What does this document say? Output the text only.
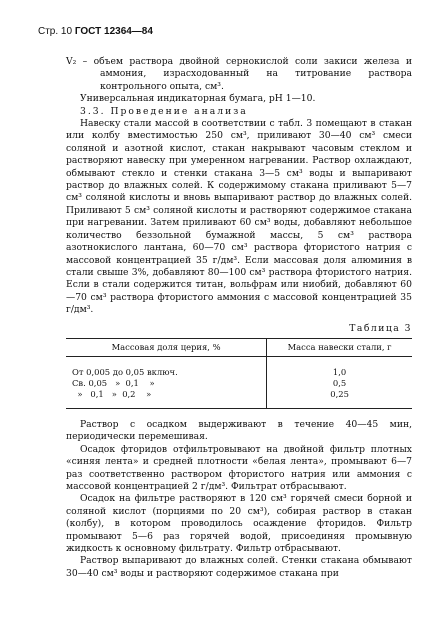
Стр. 10 ГОСТ 12364—84

V₂ – объем раствора двойной сернокислой соли закиси железа и аммония, израсходованный на титрование раствора контрольного опыта, см³.

Универсальная индикаторная бумага, pH 1—10.

3.3. Проведение анализа

Навеску стали массой в соответствии с табл. 3 помещают в стакан или колбу вместимостью 250 см³, приливают 30—40 см³ смеси соляной и азотной кислот, стакан накрывают часовым стеклом и растворяют навеску при умеренном нагревании. Раствор охлаждают, обмывают стекло и стенки стакана 3—5 см³ воды и выпаривают раствор до влажных солей. К содержимому стакана приливают 5—7 см³ соляной кислоты и вновь выпаривают раствор до влажных солей. Приливают 5 см³ соляной кислоты и растворяют содержимое стакана при нагревании. Затем приливают 60 см³ воды, добавляют небольшое количество беззольной бумажной массы, 5 см³ раствора азотнокислого лантана, 60—70 см³ раствора фтористого натрия с массовой концентрацией 35 г/дм³. Если массовая доля алюминия в стали свыше 3%, добавляют 80—100 см³ раствора фтористого натрия. Если в стали содержится титан, вольфрам или ниобий, добавляют 60—70 см³ раствора фтористого аммония с массовой концентрацией 35 г/дм³.

Таблица 3

Массовая доля церия, %	Масса навески стали, г
От 0,005 до 0,05 включ.	1,0
Св. 0,05   »  0,1    »	0,5
»   0,1   »  0,2    »	0,25

Раствор с осадком выдерживают в течение 40—45 мин, периодически перемешивая.

Осадок фторидов отфильтровывают на двойной фильтр плотных «синяя лента» и средней плотности «белая лента», промывают 6—7 раз соответственно раствором фтористого натрия или аммония с массовой концентрацией 2 г/дм³. Фильтрат отбрасывают.

Осадок на фильтре растворяют в 120 см³ горячей смеси борной и соляной кислот (порциями по 20 см³), собирая раствор в стакан (колбу), в котором проводилось осаждение фторидов. Фильтр промывают 5—6 раз горячей водой, присоединяя промывную жидкость к основному фильтрату. Фильтр отбрасывают.

Раствор выпаривают до влажных солей. Стенки стакана обмывают 30—40 см³ воды и растворяют содержимое стакана при
